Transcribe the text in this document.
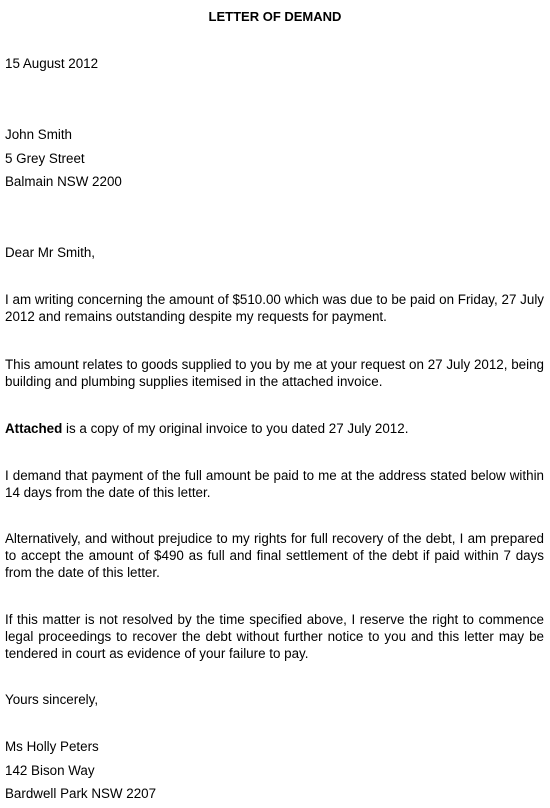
LETTER OF DEMAND
15 August 2012
John Smith
5 Grey Street
Balmain NSW 2200
Dear Mr Smith,
I am writing concerning the amount of $510.00 which was due to be paid on Friday, 27 July 2012 and remains outstanding despite my requests for payment.
This amount relates to goods supplied to you by me at your request on 27 July 2012, being building and plumbing supplies itemised in the attached invoice.
Attached is a copy of my original invoice to you dated 27 July 2012.
I demand that payment of the full amount be paid to me at the address stated below within 14 days from the date of this letter.
Alternatively, and without prejudice to my rights for full recovery of the debt, I am prepared to accept the amount of $490 as full and final settlement of the debt if paid within 7 days from the date of this letter.
If this matter is not resolved by the time specified above, I reserve the right to commence legal proceedings to recover the debt without further notice to you and this letter may be tendered in court as evidence of your failure to pay.
Yours sincerely,
Ms Holly Peters
142 Bison Way
Bardwell Park NSW 2207
